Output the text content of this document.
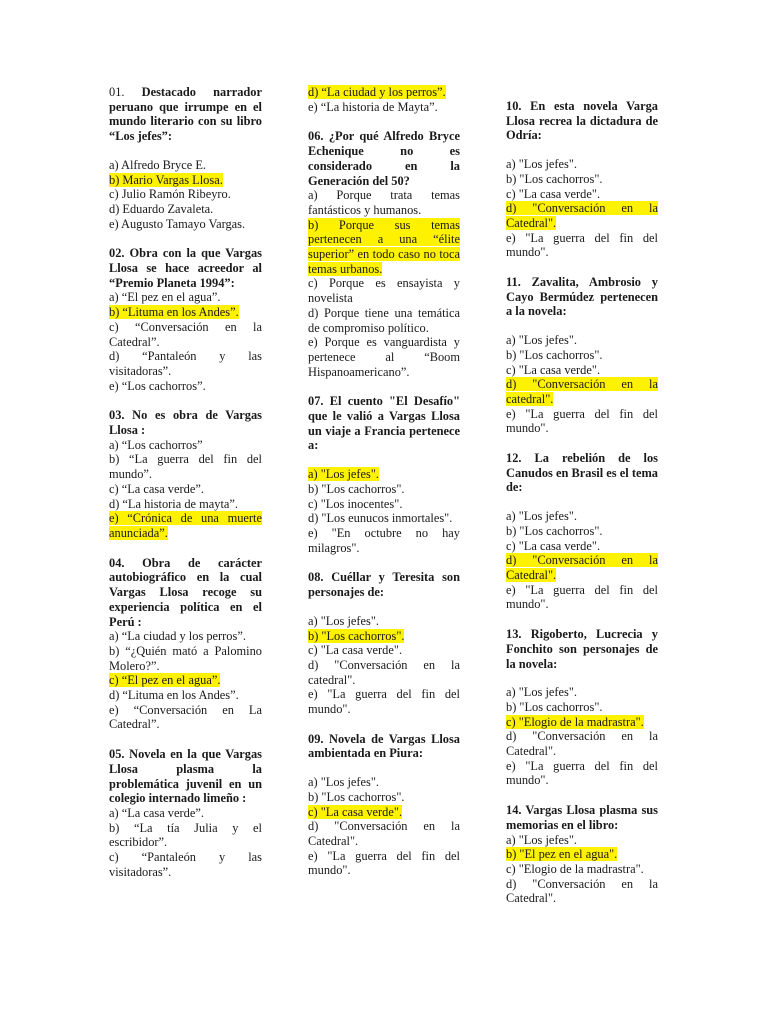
01. Destacado narrador peruano que irrumpe en el mundo literario con su libro “Los jefes”:
a) Alfredo Bryce E.
b) Mario Vargas Llosa.
c) Julio Ramón Ribeyro.
d) Eduardo Zavaleta.
e) Augusto Tamayo Vargas.
02. Obra con la que Vargas Llosa se hace acreedor al “Premio Planeta 1994”:
a) “El pez en el agua”.
b) “Lituma en los Andes”.
c) “Conversación en la Catedral”.
d) “Pantaleón y las visitadoras”.
e) “Los cachorros”.
03. No es obra de Vargas Llosa :
a) “Los cachorros”
b) “La guerra del fin del mundo”.
c) “La casa verde”.
d) “La historia de mayta”.
e) “Crónica de una muerte anunciada”.
04. Obra de carácter autobiográfico en la cual Vargas Llosa recoge su experiencia política en el Perú :
a) “La ciudad y los perros”.
b) “¿Quién mató a Palomino Molero?”.
c) “El pez en el agua”.
d) “Lituma en los Andes”.
e) “Conversación en La Catedral”.
05. Novela en la que Vargas Llosa plasma la problemática juvenil en un colegio internado limeño :
a) “La casa verde”.
b) “La tía Julia y el escribidor”.
c) “Pantaleón y las visitadoras”.
d) “La ciudad y los perros”.
e) “La historia de Mayta”.
06. ¿Por qué Alfredo Bryce Echenique no es considerado en la Generación del 50?
a) Porque trata temas fantásticos y humanos.
b) Porque sus temas pertenecen a una “élite superior” en todo caso no toca temas urbanos.
c) Porque es ensayista y novelista
d) Porque tiene una temática de compromiso político.
e) Porque es vanguardista y pertenece al “Boom Hispanoamericano”.
07. El cuento "El Desafío" que le valió a Vargas Llosa un viaje a Francia pertenece a:
a) "Los jefes".
b) "Los cachorros".
c) "Los inocentes".
d) "Los eunucos inmortales".
e) "En octubre no hay milagros".
08. Cuéllar y Teresita son personajes de:
a) "Los jefes".
b) "Los cachorros".
c) "La casa verde".
d) "Conversación en la catedral".
e) "La guerra del fin del mundo".
09. Novela de Vargas Llosa ambientada en Piura:
a) "Los jefes".
b) "Los cachorros".
c) "La casa verde".
d) "Conversación en la Catedral".
e) "La guerra del fin del mundo".
10. En esta novela Varga Llosa recrea la dictadura de Odría:
a) "Los jefes".
b) "Los cachorros".
c) "La casa verde".
d) "Conversación en la Catedral".
e) "La guerra del fin del mundo".
11. Zavalita, Ambrosio y Cayo Bermúdez pertenecen a la novela:
a) "Los jefes".
b) "Los cachorros".
c) "La casa verde".
d) "Conversación en la catedral".
e) "La guerra del fin del mundo".
12. La rebelión de los Canudos en Brasil es el tema de:
a) "Los jefes".
b) "Los cachorros".
c) "La casa verde".
d) "Conversación en la Catedral".
e) "La guerra del fin del mundo".
13. Rigoberto, Lucrecia y Fonchito son personajes de la novela:
a) "Los jefes".
b) "Los cachorros".
c) "Elogio de la madrastra".
d) "Conversación en la Catedral".
e) "La guerra del fin del mundo".
14. Vargas Llosa plasma sus memorias en el libro:
a) "Los jefes".
b) "El pez en el agua".
c) "Elogio de la madrastra".
d) "Conversación en la Catedral".
